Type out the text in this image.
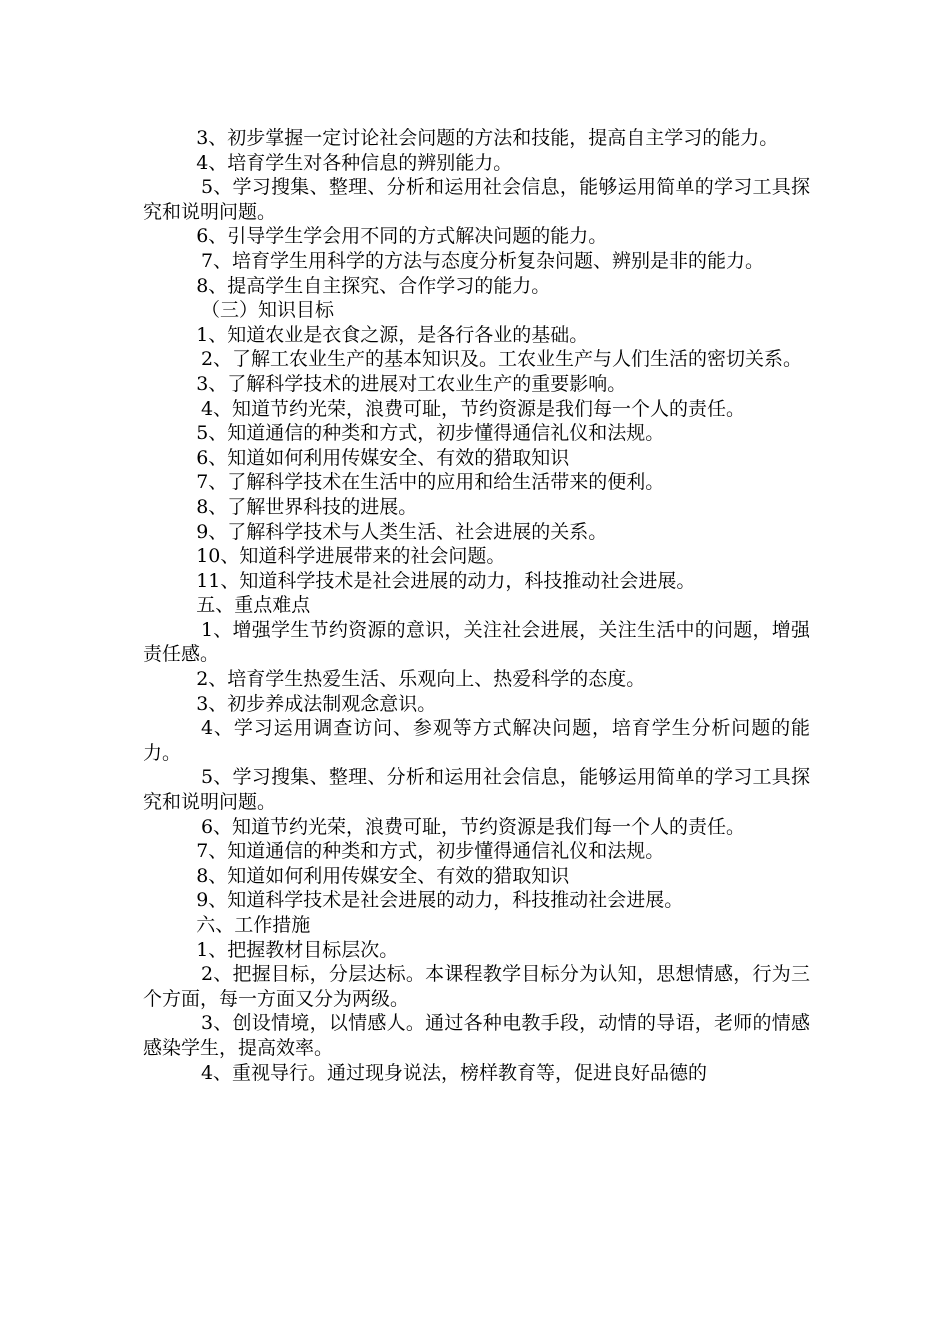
3、初步掌握一定讨论社会问题的方法和技能，提高自主学习的能力。

4、培育学生对各种信息的辨别能力。

5、学习搜集、整理、分析和运用社会信息，能够运用简单的学习工具探究和说明问题。

6、引导学生学会用不同的方式解决问题的能力。

7、培育学生用科学的方法与态度分析复杂问题、辨别是非的能力。

8、提高学生自主探究、合作学习的能力。

（三）知识目标

1、知道农业是衣食之源，是各行各业的基础。

2、了解工农业生产的基本知识及。工农业生产与人们生活的密切关系。

3、了解科学技术的进展对工农业生产的重要影响。

4、知道节约光荣，浪费可耻，节约资源是我们每一个人的责任。

5、知道通信的种类和方式，初步懂得通信礼仪和法规。

6、知道如何利用传媒安全、有效的猎取知识

7、了解科学技术在生活中的应用和给生活带来的便利。

8、了解世界科技的进展。

9、了解科学技术与人类生活、社会进展的关系。

10、知道科学进展带来的社会问题。

11、知道科学技术是社会进展的动力，科技推动社会进展。

五、重点难点

1、增强学生节约资源的意识，关注社会进展，关注生活中的问题，增强责任感。

2、培育学生热爱生活、乐观向上、热爱科学的态度。

3、初步养成法制观念意识。

4、学习运用调查访问、参观等方式解决问题，培育学生分析问题的能力。

5、学习搜集、整理、分析和运用社会信息，能够运用简单的学习工具探究和说明问题。

6、知道节约光荣，浪费可耻，节约资源是我们每一个人的责任。

7、知道通信的种类和方式，初步懂得通信礼仪和法规。

8、知道如何利用传媒安全、有效的猎取知识

9、知道科学技术是社会进展的动力，科技推动社会进展。

六、工作措施

1、把握教材目标层次。

2、把握目标，分层达标。本课程教学目标分为认知，思想情感，行为三个方面，每一方面又分为两级。

3、创设情境，以情感人。通过各种电教手段，动情的导语，老师的情感感染学生，提高效率。

4、重视导行。通过现身说法，榜样教育等，促进良好品德的
